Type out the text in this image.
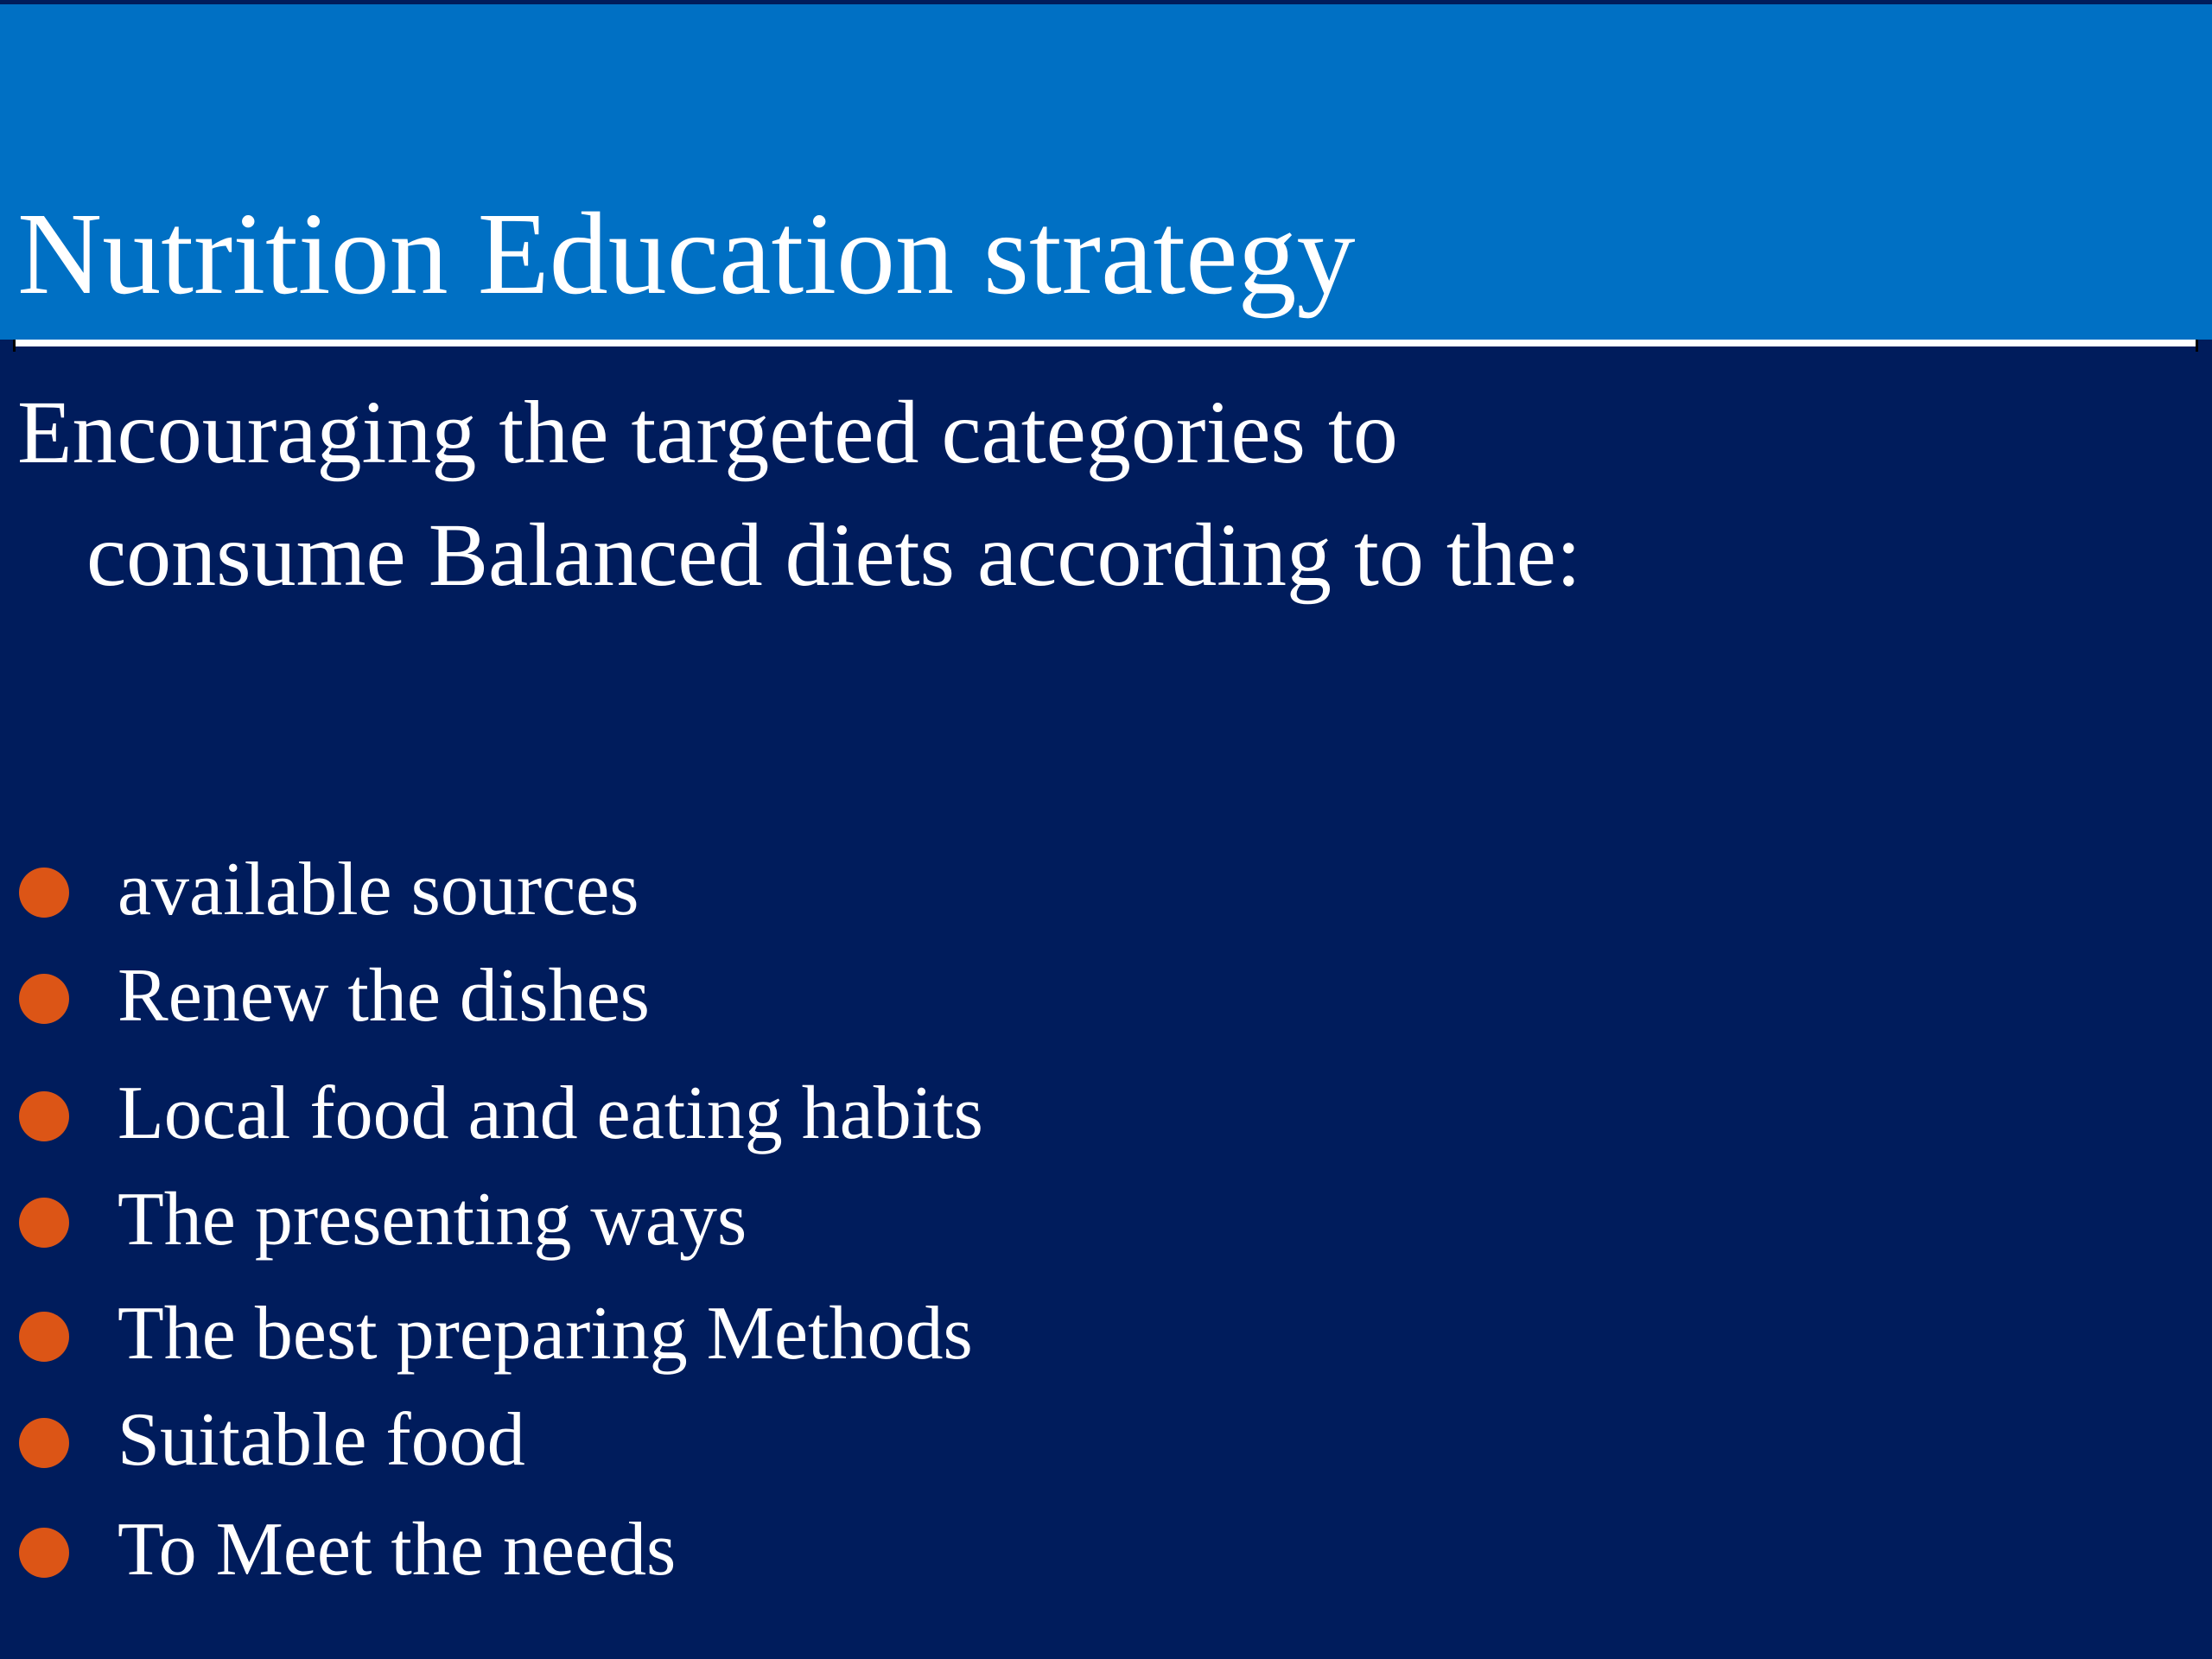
Nutrition Education strategy

Encouraging the targeted categories to consume Balanced diets according to the:

available sources
Renew the dishes
Local food and eating habits
The presenting ways
The best preparing Methods
Suitable food
To Meet the needs
